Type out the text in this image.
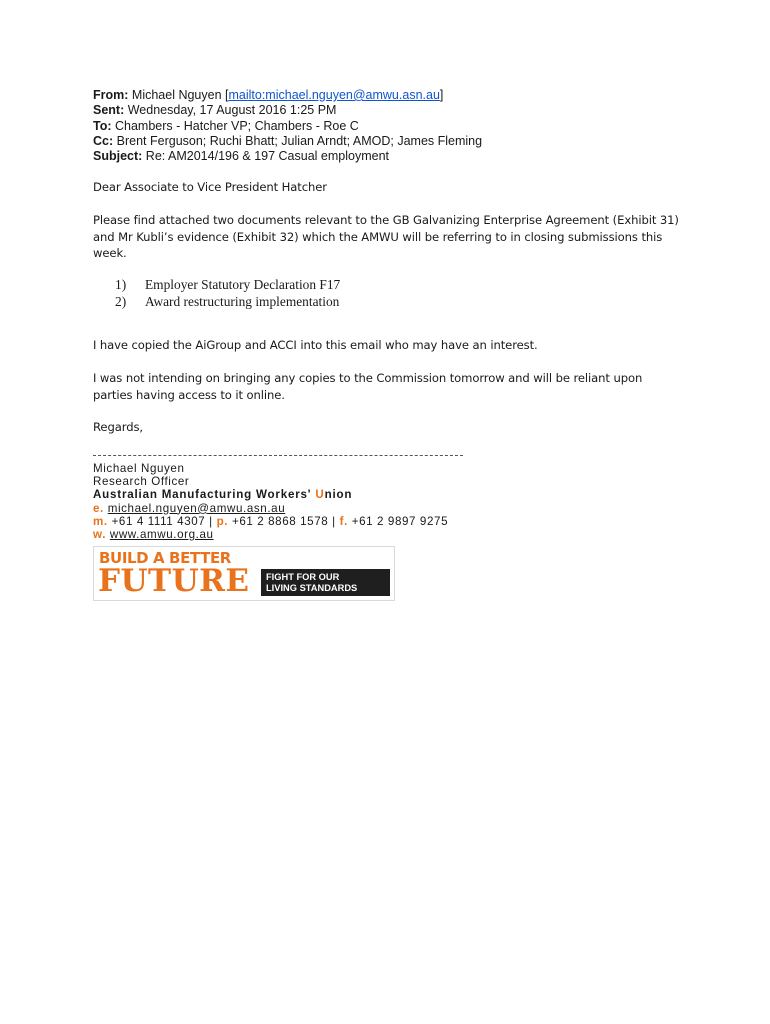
From: Michael Nguyen [mailto:michael.nguyen@amwu.asn.au]
Sent: Wednesday, 17 August 2016 1:25 PM
To: Chambers - Hatcher VP; Chambers - Roe C
Cc: Brent Ferguson; Ruchi Bhatt; Julian Arndt; AMOD; James Fleming
Subject: Re: AM2014/196 & 197 Casual employment
Dear Associate to Vice President Hatcher
Please find attached two documents relevant to the GB Galvanizing Enterprise Agreement (Exhibit 31) and Mr Kubli’s evidence (Exhibit 32) which the AMWU will be referring to in closing submissions this week.
1)	Employer Statutory Declaration F17
2)	Award restructuring implementation
I have copied the AiGroup and ACCI into this email who may have an interest.
I was not intending on bringing any copies to the Commission tomorrow and will be reliant upon parties having access to it online.
Regards,
Michael Nguyen
Research Officer
Australian Manufacturing Workers' Union
e. michael.nguyen@amwu.asn.au
m. +61 4 1111 4307 | p. +61 2 8868 1578 | f. +61 2 9897 9275
w. www.amwu.org.au
BUILD A BETTER
FUTURE FIGHT FOR OUR
LIVING STANDARDS
